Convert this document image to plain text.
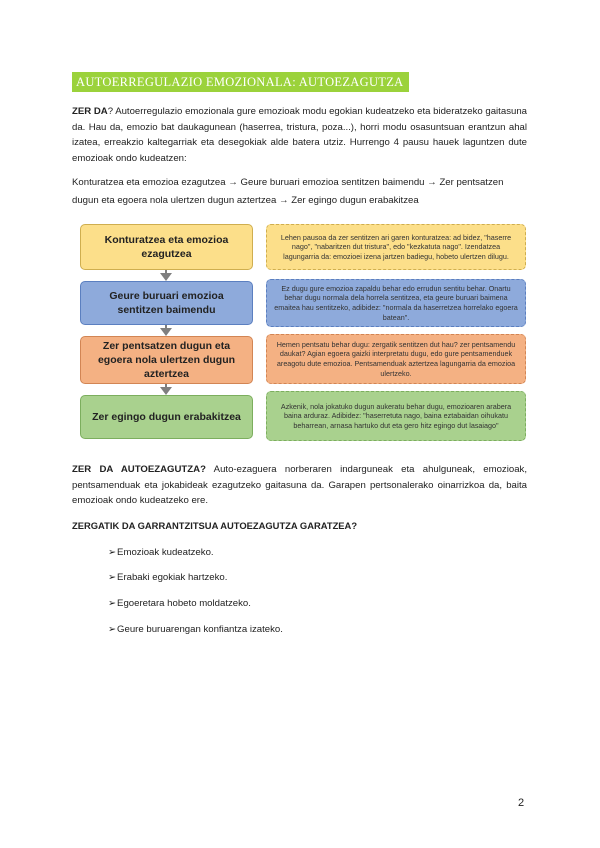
AUTOERREGULAZIO EMOZIONALA: AUTOEZAGUTZA

ZER DA? Autoerregulazio emozionala gure emozioak modu egokian kudeatzeko eta bideratzeko gaitasuna da. Hau da, emozio bat daukagunean (haserrea, tristura, poza...), horri modu osasuntsuan erantzun ahal izatea, erreakzio kaltegarriak eta desegokiak alde batera utziz. Hurrengo 4 pausu hauek laguntzen dute emozioak ondo kudeatzen:

Konturatzea eta emozioa ezagutzea → Geure buruari emozioa sentitzen baimendu → Zer pentsatzen dugun eta egoera nola ulertzen dugun aztertzea → Zer egingo dugun erabakitzea

Konturatzea eta emozioa ezagutzea
Lehen pausoa da zer sentitzen ari garen konturatzea: ad bidez, "haserre nago", "nabaritzen dut tristura", edo "kezkatuta nago". Izendatzea lagungarria da: emozioei izena jartzen badiegu, hobeto ulertzen dilugu.
Geure buruari emozioa sentitzen baimendu
Ez dugu gure emozioa zapaldu behar edo errudun sentitu behar. Onartu behar dugu normala dela horrela sentitzea, eta geure buruari baimena emaitea hau sentitzeko, adibidez: "normala da haserretzea horrelako egoera batean".
Zer pentsatzen dugun eta egoera nola ulertzen dugun aztertzea
Hemen pentsatu behar dugu: zergatik sentitzen dut hau? zer pentsamendu daukat? Agian egoera gaizki interpretatu dugu, edo gure pentsamenduek areagotu dute emozioa. Pentsamenduak aztertzea lagungarria da emozioa ulertzeko.
Zer egingo dugun erabakitzea
Azkenik, nola jokatuko dugun aukeratu behar dugu, emozioaren arabera baina arduraz. Adibidez: "haserretuta nago, baina eztabaidan oihukatu beharrean, arnasa hartuko dut eta gero hitz egingo dut lasaiago"

ZER DA AUTOEZAGUTZA? Auto-ezaguera norberaren indarguneak eta ahulguneak, emozioak, pentsamenduak eta jokabideak ezagutzeko gaitasuna da. Garapen pertsonalerako oinarrizkoa da, baita emozioak ondo kudeatzeko ere.

ZERGATIK DA GARRANTZITSUA AUTOEZAGUTZA GARATZEA?

➢Emozioak kudeatzeko.

➢Erabaki egokiak hartzeko.

➢Egoeretara hobeto moldatzeko.

➢Geure buruarengan konfiantza izateko.

2
